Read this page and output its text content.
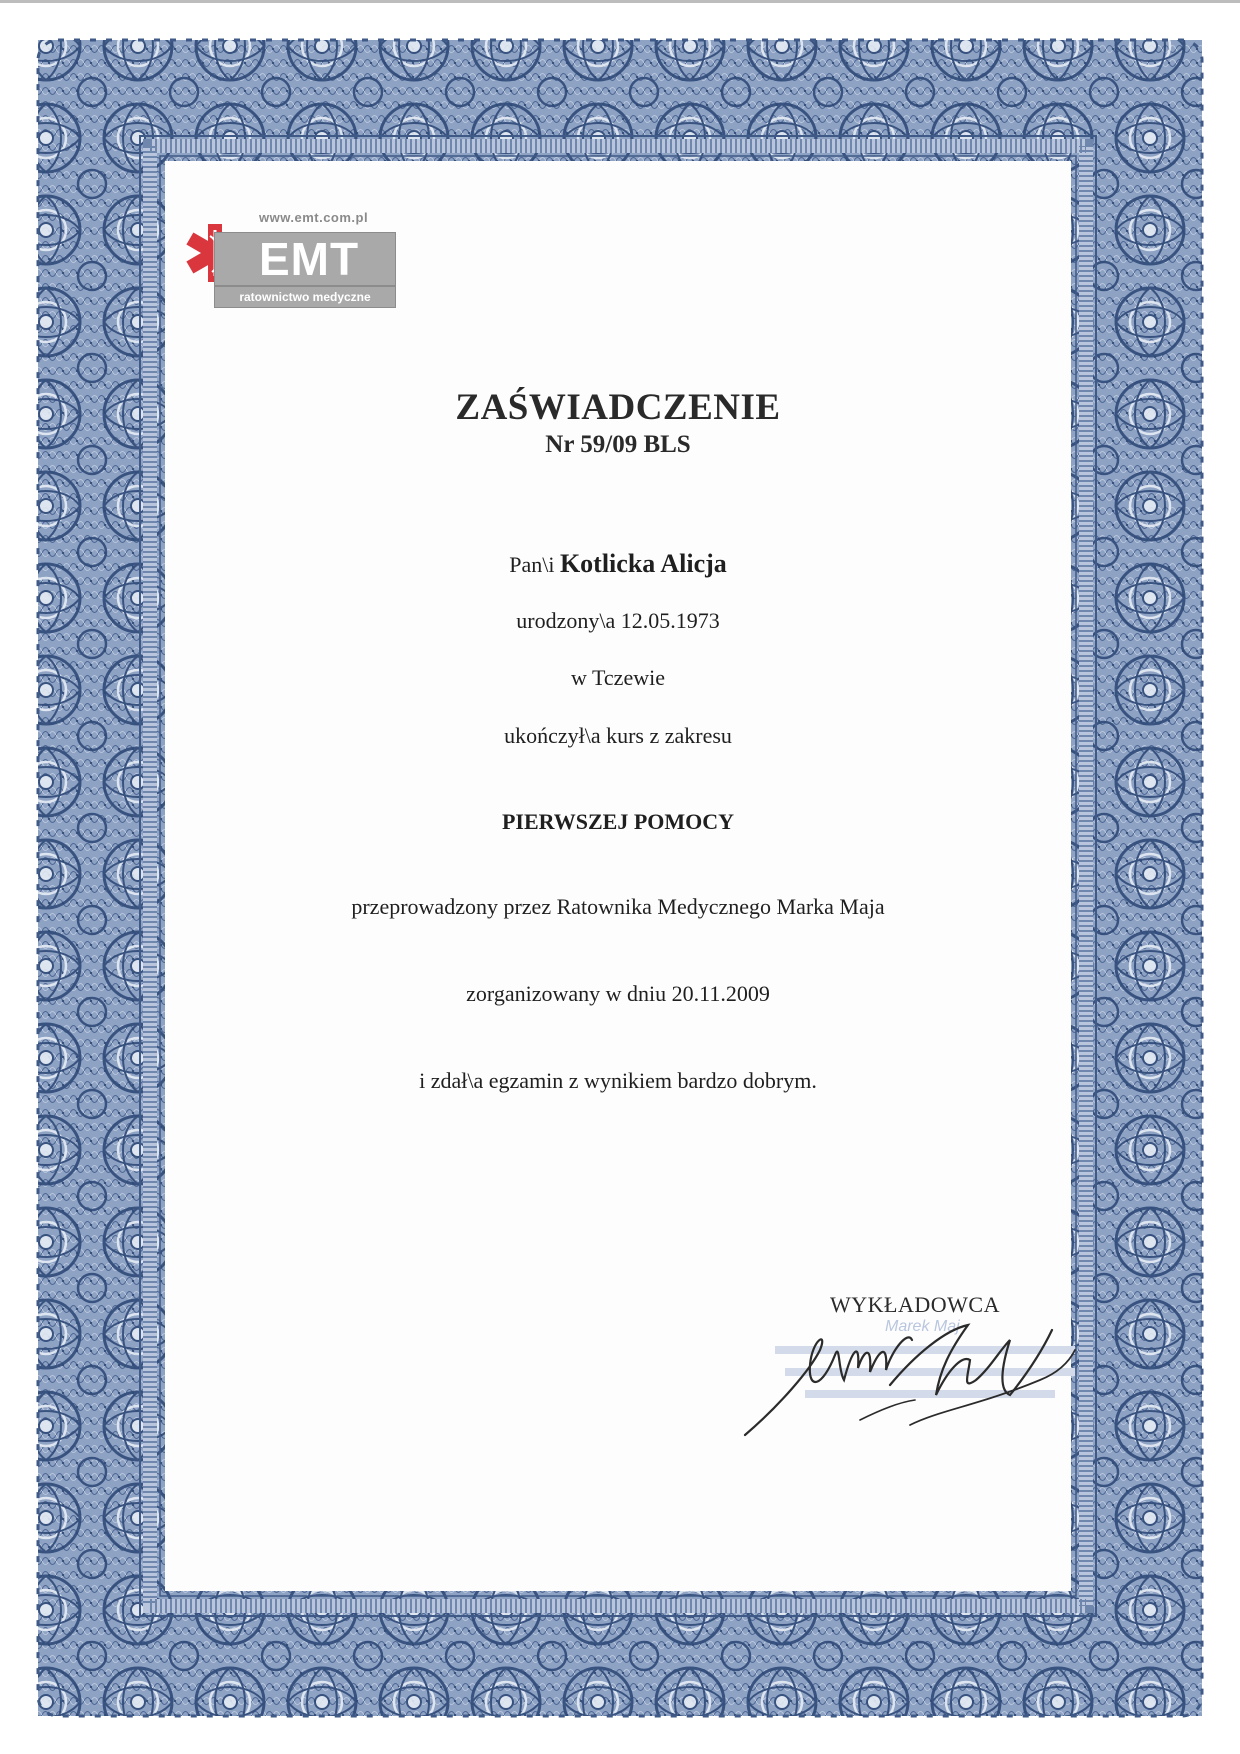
www.emt.com.pl
EMT
ratownictwo medyczne
ZAŚWIADCZENIE
Nr 59/09 BLS
Pan\i Kotlicka Alicja
urodzony\a 12.05.1973
w Tczewie
ukończył\a kurs z zakresu
PIERWSZEJ POMOCY
przeprowadzony przez Ratownika Medycznego Marka Maja
zorganizowany w dniu 20.11.2009
i zdał\a egzamin z wynikiem bardzo dobrym.
WYKŁADOWCA
Marek Maj
